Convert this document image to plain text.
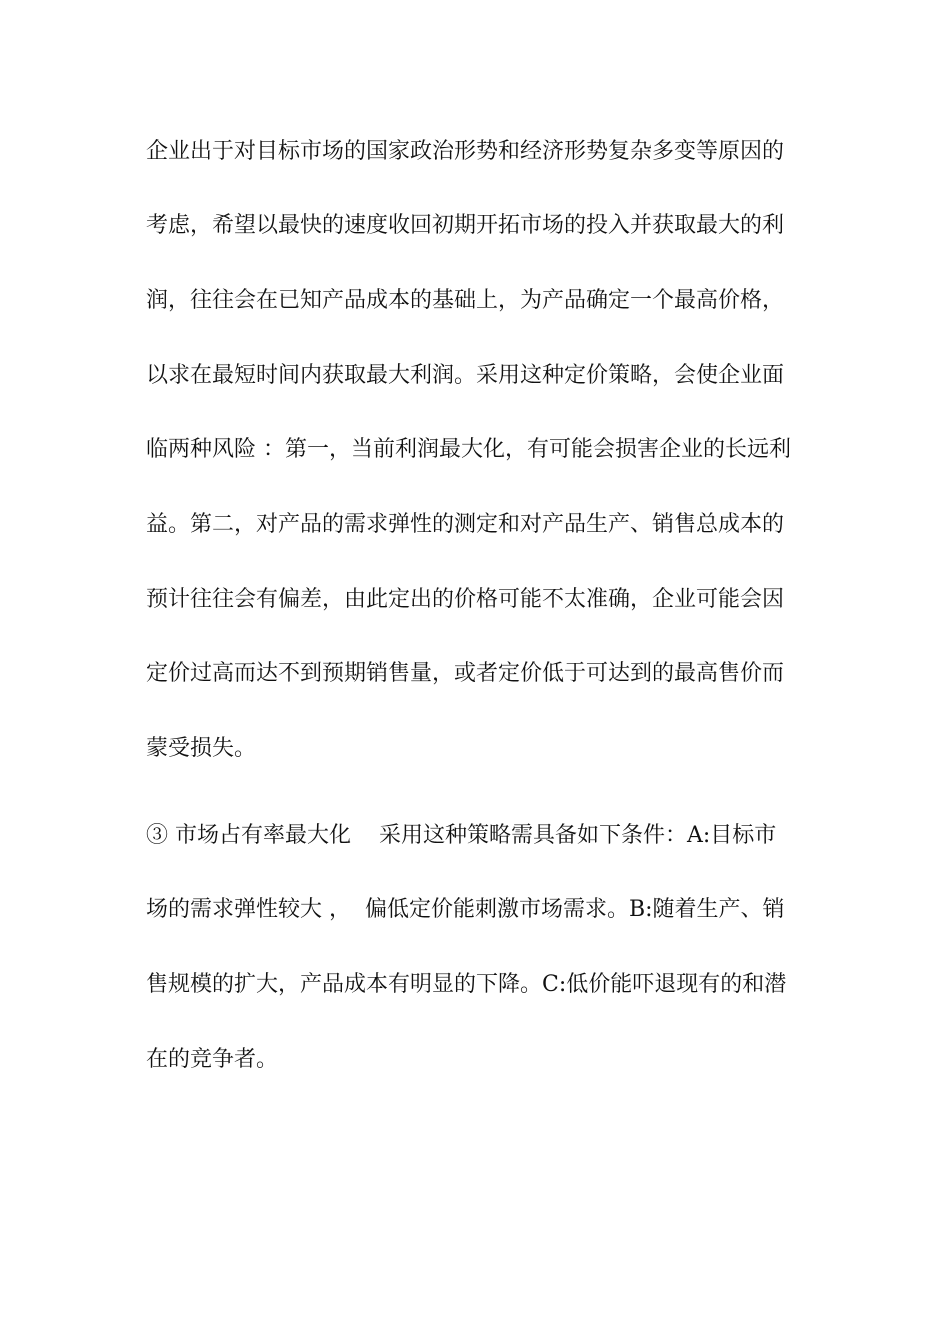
企业出于对目标市场的国家政治形势和经济形势复杂多变等原因的
考虑，希望以最快的速度收回初期开拓市场的投入并获取最大的利
润，往往会在已知产品成本的基础上，为产品确定一个最高价格，
以求在最短时间内获取最大利润。采用这种定价策略，会使企业面
临两种风险 ：第一，当前利润最大化，有可能会损害企业的长远利
益。第二，对产品的需求弹性的测定和对产品生产、销售总成本的
预计往往会有偏差，由此定出的价格可能不太准确，企业可能会因
定价过高而达不到预期销售量，或者定价低于可达到的最高售价而
蒙受损失。
③ 市场占有率最大化    采用这种策略需具备如下条件：A:目标市
场的需求弹性较大 ，  偏低定价能刺激市场需求。B:随着生产、销
售规模的扩大，产品成本有明显的下降。C:低价能吓退现有的和潜
在的竞争者。
